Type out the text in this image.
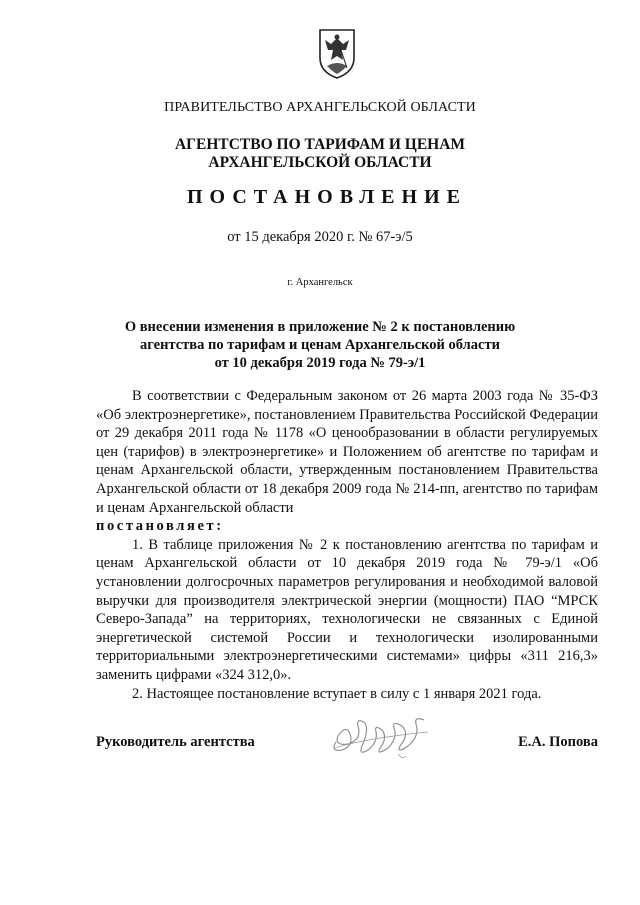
ПРАВИТЕЛЬСТВО АРХАНГЕЛЬСКОЙ ОБЛАСТИ
АГЕНТСТВО ПО ТАРИФАМ И ЦЕНАМ
АРХАНГЕЛЬСКОЙ ОБЛАСТИ
ПОСТАНОВЛЕНИЕ
от 15 декабря 2020 г. № 67-э/5
г. Архангельск
О внесении изменения в приложение № 2 к постановлению
агентства по тарифам и ценам Архангельской области
от 10 декабря 2019 года № 79-э/1

В соответствии с Федеральным законом от 26 марта 2003 года № 35-ФЗ «Об электроэнергетике», постановлением Правительства Российской Федерации от 29 декабря 2011 года № 1178 «О ценообразовании в области регулируемых цен (тарифов) в электроэнергетике» и Положением об агентстве по тарифам и ценам Архангельской области, утвержденным постановлением Правительства Архангельской области от 18 декабря 2009 года № 214-пп, агентство по тарифам и ценам Архангельской области

постановляет:

1. В таблице приложения № 2 к постановлению агентства по тарифам и ценам Архангельской области от 10 декабря 2019 года № 79-э/1 «Об установлении долгосрочных параметров регулирования и необходимой валовой выручки для производителя электрической энергии (мощности) ПАО “МРСК Северо-Запада” на территориях, технологически не связанных с Единой энергетической системой России и технологически изолированными территориальными электроэнергетическими системами» цифры «311 216,3» заменить цифрами «324 312,0».

2. Настоящее постановление вступает в силу с 1 января 2021 года.

Руководитель агентства	Е.А. Попова
